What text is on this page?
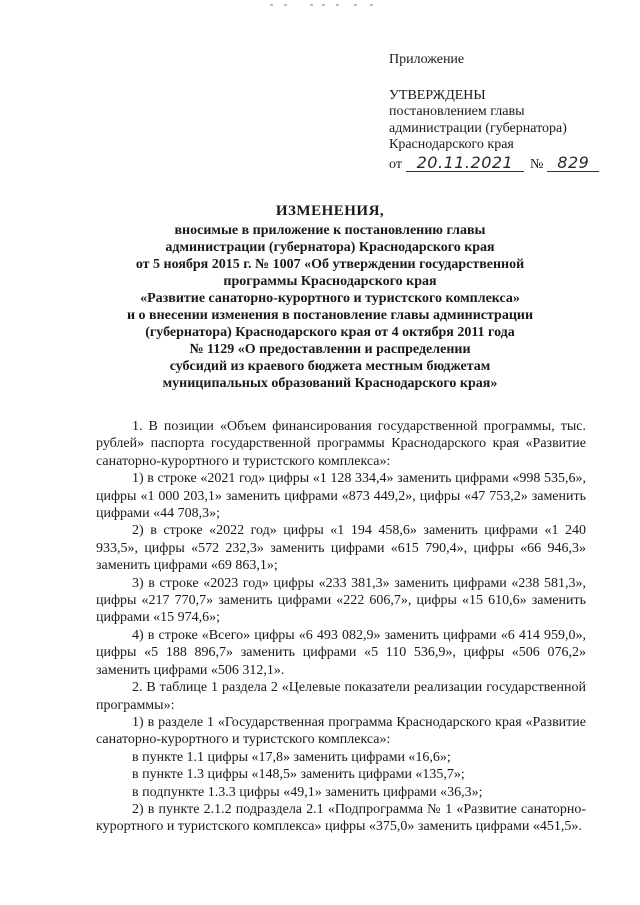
Приложение
УТВЕРЖДЕНЫ
постановлением главы
администрации (губернатора)
Краснодарского края
от 20.11.2021	№ 829
ИЗМЕНЕНИЯ,
вносимые в приложение к постановлению главы
администрации (губернатора) Краснодарского края
от 5 ноября 2015 г. № 1007 «Об утверждении государственной
программы Краснодарского края
«Развитие санаторно-курортного и туристского комплекса»
и о внесении изменения в постановление главы администрации
(губернатора) Краснодарского края от 4 октября 2011 года
№ 1129 «О предоставлении и распределении
субсидий из краевого бюджета местным бюджетам
муниципальных образований Краснодарского края»

1. В позиции «Объем финансирования государственной программы, тыс. рублей» паспорта государственной программы Краснодарского края «Развитие санаторно-курортного и туристского комплекса»:

1) в строке «2021 год» цифры «1 128 334,4» заменить цифрами «998 535,6», цифры «1 000 203,1» заменить цифрами «873 449,2», цифры «47 753,2» заменить цифрами «44 708,3»;

2) в строке «2022 год» цифры «1 194 458,6» заменить цифрами «1 240 933,5», цифры «572 232,3» заменить цифрами «615 790,4», цифры «66 946,3» заменить цифрами «69 863,1»;

3) в строке «2023 год» цифры «233 381,3» заменить цифрами «238 581,3», цифры «217 770,7» заменить цифрами «222 606,7», цифры «15 610,6» заменить цифрами «15 974,6»;

4) в строке «Всего» цифры «6 493 082,9» заменить цифрами «6 414 959,0», цифры «5 188 896,7» заменить цифрами «5 110 536,9», цифры «506 076,2» заменить цифрами «506 312,1».

2. В таблице 1 раздела 2 «Целевые показатели реализации государственной программы»:

1) в разделе 1 «Государственная программа Краснодарского края «Развитие санаторно-курортного и туристского комплекса»:

в пункте 1.1 цифры «17,8» заменить цифрами «16,6»;

в пункте 1.3 цифры «148,5» заменить цифрами «135,7»;

в подпункте 1.3.3 цифры «49,1» заменить цифрами «36,3»;

2) в пункте 2.1.2 подраздела 2.1 «Подпрограмма № 1 «Развитие санаторно-курортного и туристского комплекса» цифры «375,0» заменить цифрами «451,5».
